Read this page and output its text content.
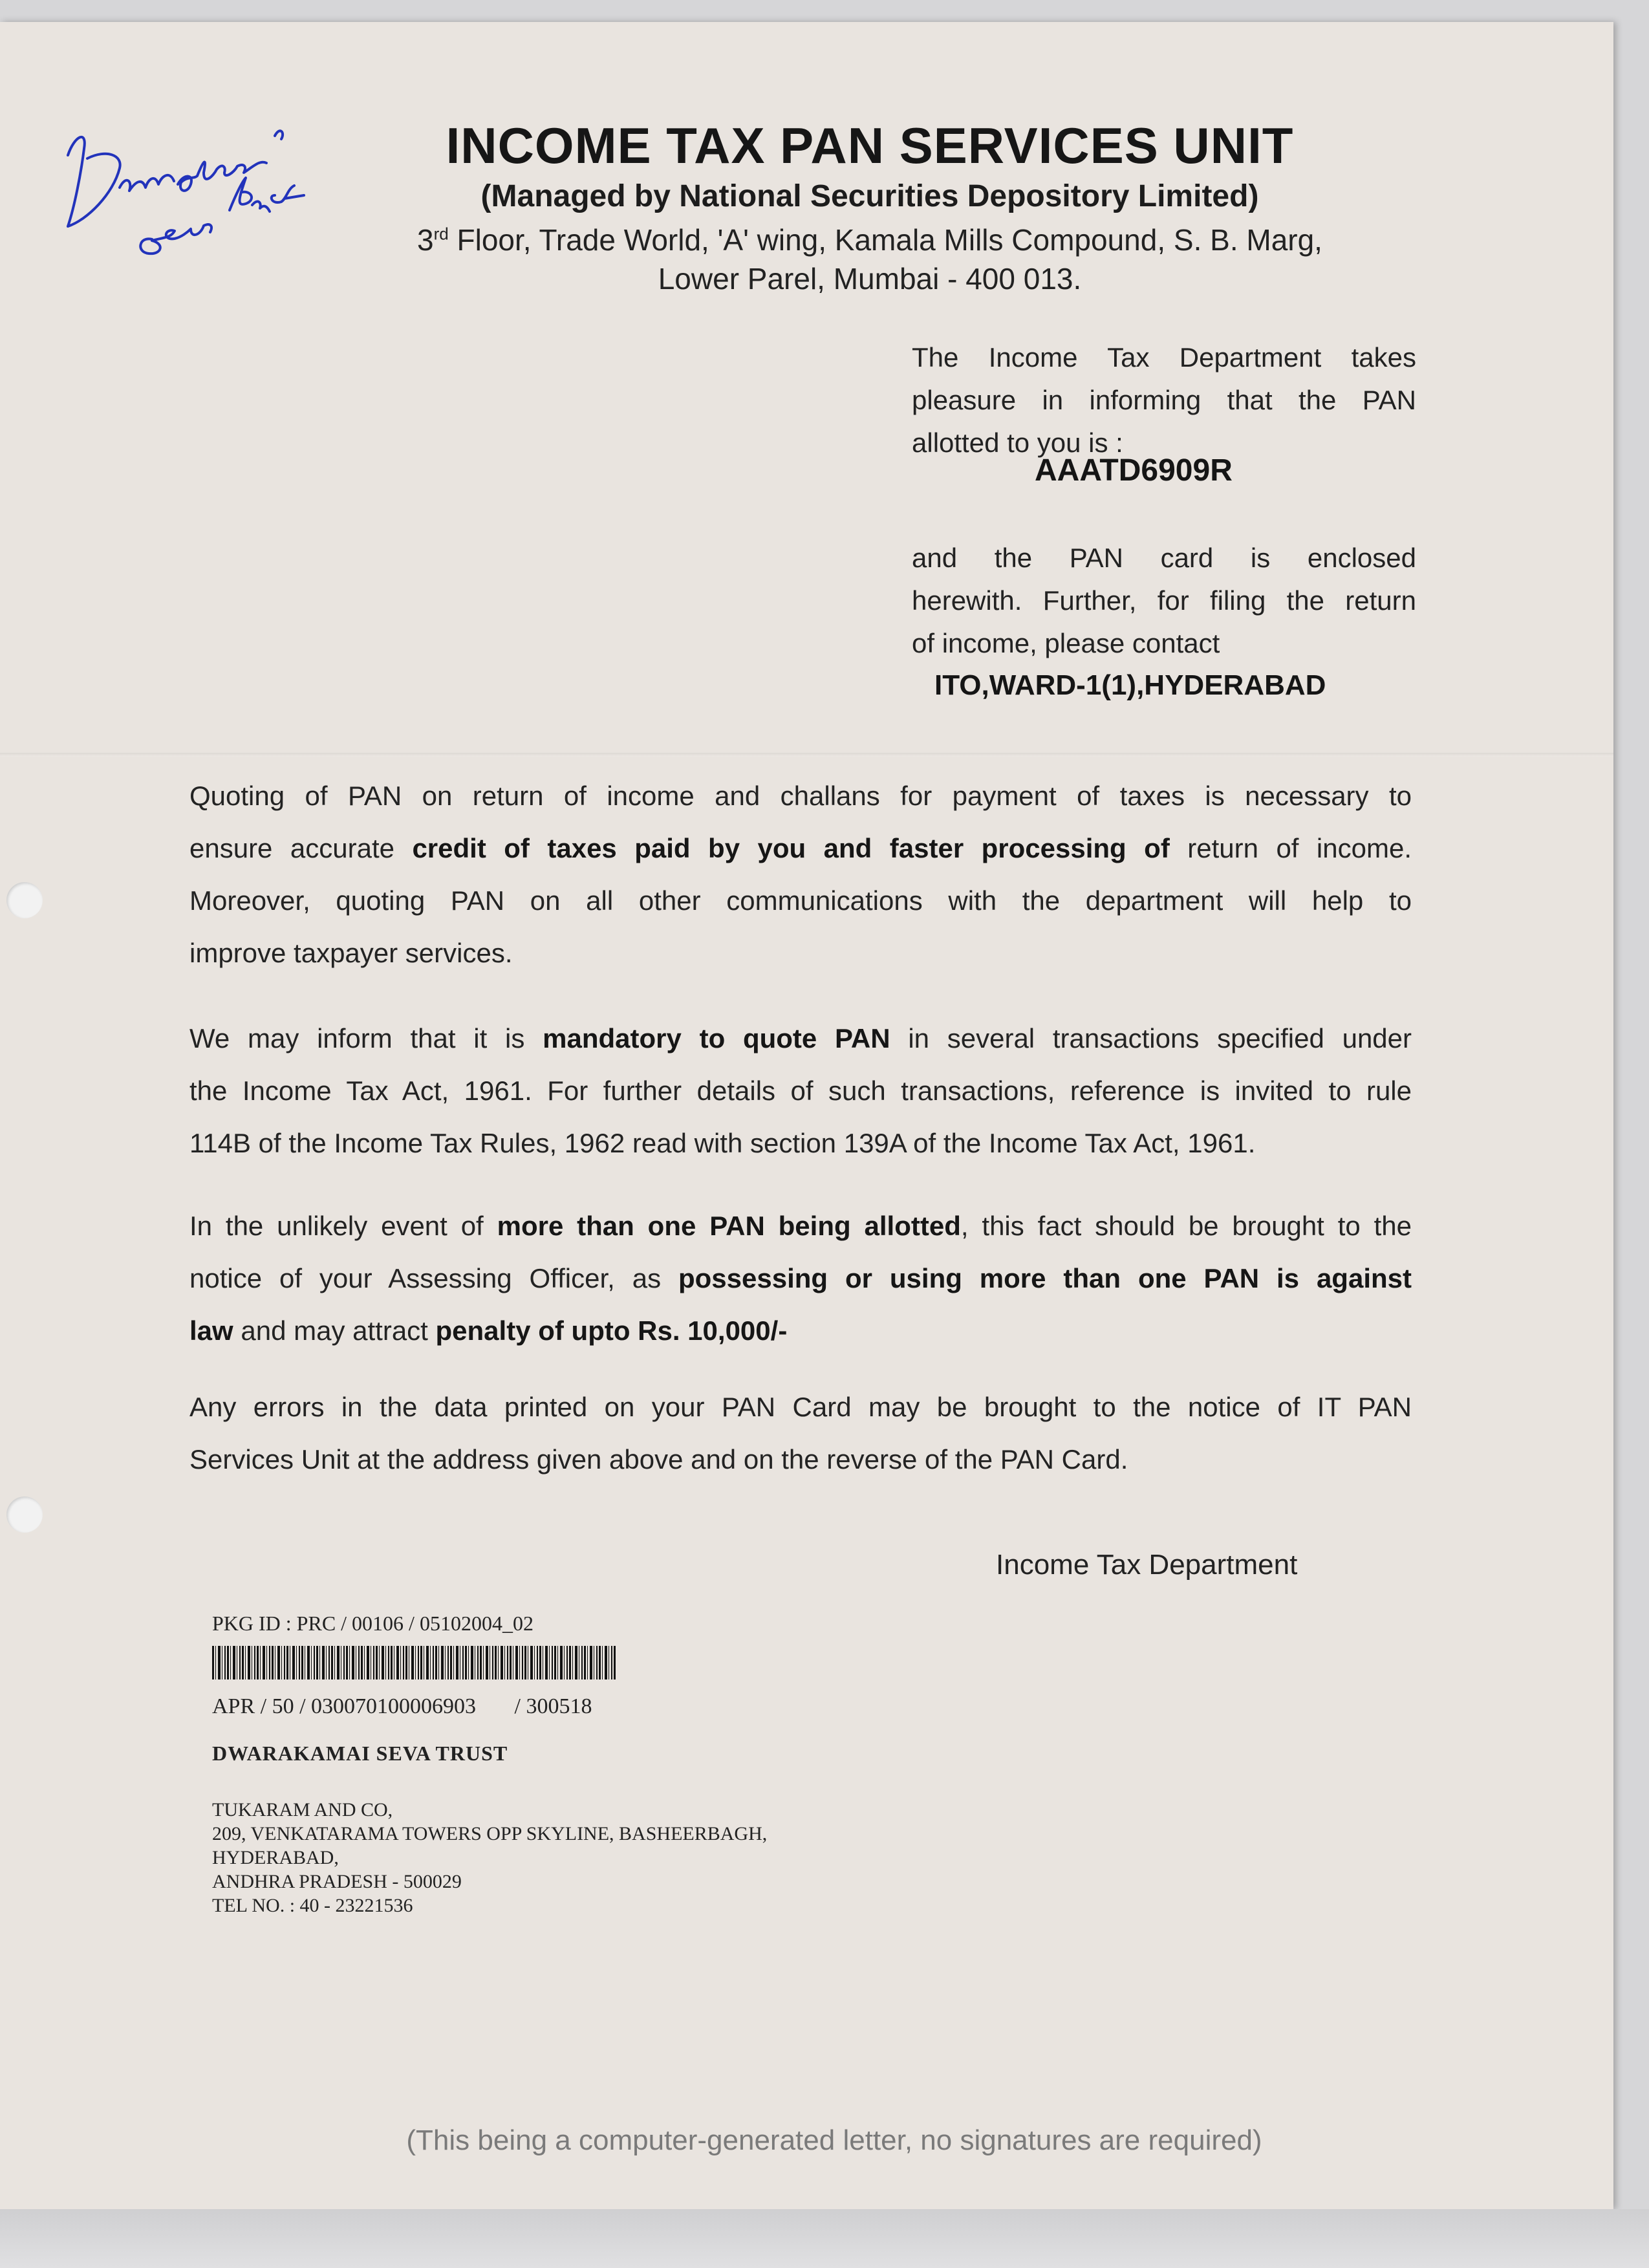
Dwarakamai Seva Trust
INCOME TAX PAN SERVICES UNIT
(Managed by National Securities Depository Limited)
3rd Floor, Trade World, 'A' wing, Kamala Mills Compound, S. B. Marg,
Lower Parel, Mumbai - 400 013.
The Income Tax Department takes
pleasure in informing that the PAN
allotted to you is :
AAATD6909R
and the PAN card is enclosed
herewith. Further, for filing the return
of income, please contact
ITO,WARD-1(1),HYDERABAD
Quoting of PAN on return of income and challans for payment of taxes is necessary to
ensure accurate credit of taxes paid by you and faster processing of return of income.
Moreover, quoting PAN on all other communications with the department will help to
improve taxpayer services.
We may inform that it is mandatory to quote PAN in several transactions specified under
the Income Tax Act, 1961. For further details of such transactions, reference is invited to rule
114B of the Income Tax Rules, 1962 read with section 139A of the Income Tax Act, 1961.
In the unlikely event of more than one PAN being allotted, this fact should be brought to the
notice of your Assessing Officer, as possessing or using more than one PAN is against
law and may attract penalty of upto Rs. 10,000/-
Any errors in the data printed on your PAN Card may be brought to the notice of IT PAN
Services Unit at the address given above and on the reverse of the PAN Card.
Income Tax Department
PKG ID : PRC / 00106 / 05102004_02
APR / 50 / 030070100006903 / 300518
DWARAKAMAI SEVA TRUST
TUKARAM AND CO,
209, VENKATARAMA TOWERS OPP SKYLINE, BASHEERBAGH,
HYDERABAD,
ANDHRA PRADESH - 500029
TEL NO. : 40 - 23221536
(This being a computer-generated letter, no signatures are required)
